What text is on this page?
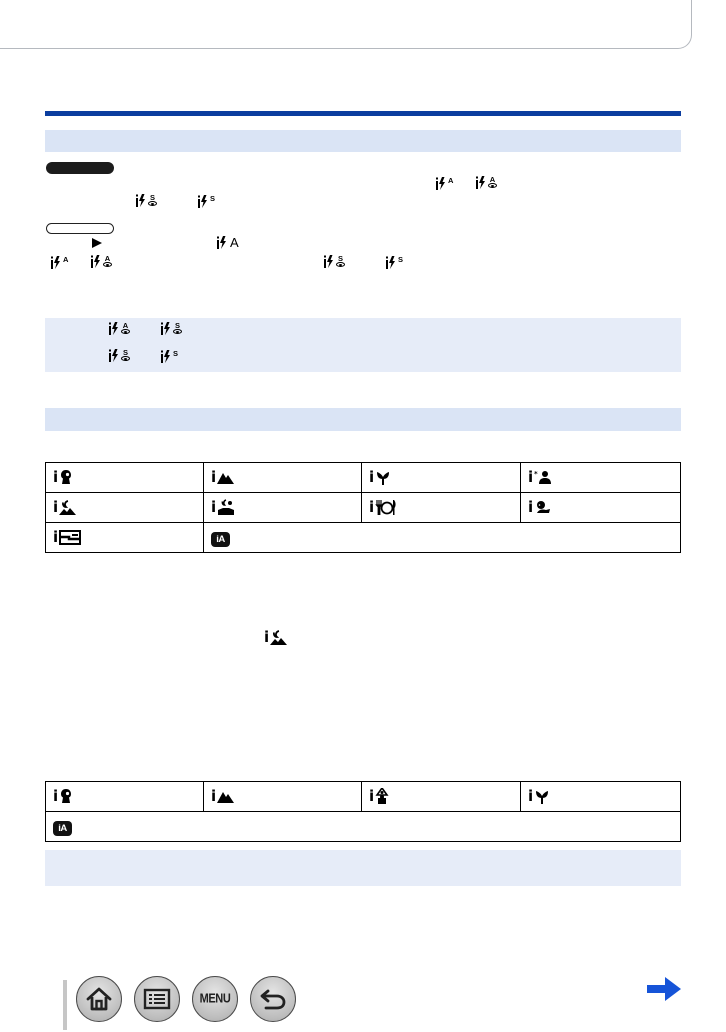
A	A
S	S
A
A	A	S	S
A	S
S	S
i	i	i	i *

i	i	i	i

i	iA		
i
i	i	i	i

iA
MENU
